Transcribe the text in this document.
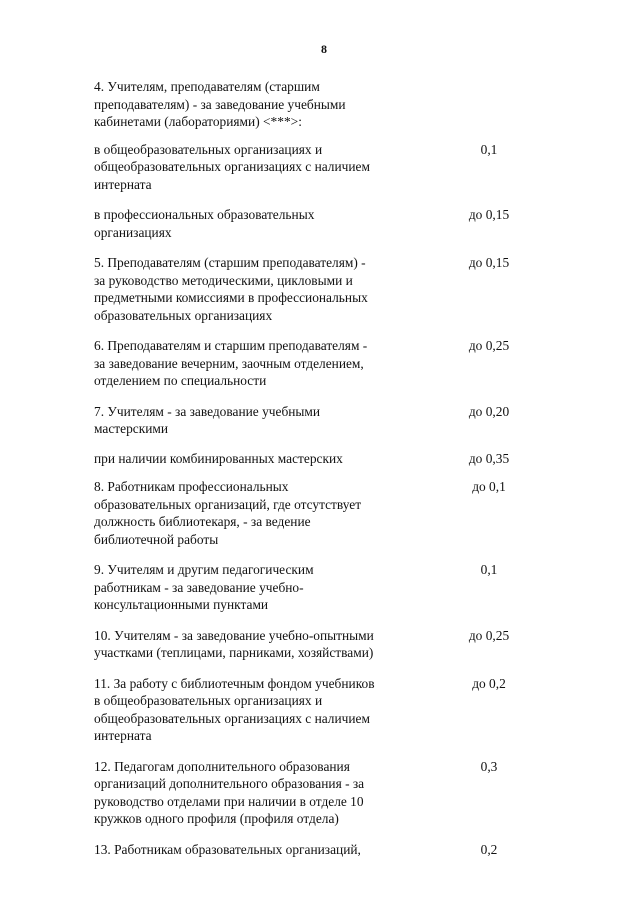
8
4. Учителям, преподавателям (старшим
преподавателям) - за заведование учебными
кабинетами (лабораториями) <***>:
в общеобразовательных организациях и
общеобразовательных организациях с наличием
интерната
0,1
в профессиональных образовательных
организациях
до 0,15
5. Преподавателям (старшим преподавателям) -
за руководство методическими, цикловыми и
предметными комиссиями в профессиональных
образовательных организациях
до 0,15
6. Преподавателям и старшим преподавателям -
за заведование вечерним, заочным отделением,
отделением по специальности
до 0,25
7. Учителям - за заведование учебными
мастерскими
до 0,20
при наличии комбинированных мастерских	до 0,35
8. Работникам профессиональных
образовательных организаций, где отсутствует
должность библиотекаря, - за ведение
библиотечной работы
до 0,1
9. Учителям и другим педагогическим
работникам - за заведование учебно-
консультационными пунктами
0,1
10. Учителям - за заведование учебно-опытными
участками (теплицами, парниками, хозяйствами)
до 0,25
11. За работу с библиотечным фондом учебников
в общеобразовательных организациях и
общеобразовательных организациях с наличием
интерната
до 0,2
12. Педагогам дополнительного образования
организаций дополнительного образования - за
руководство отделами при наличии в отделе 10
кружков одного профиля (профиля отдела)
0,3
13. Работникам образовательных организаций,	0,2
